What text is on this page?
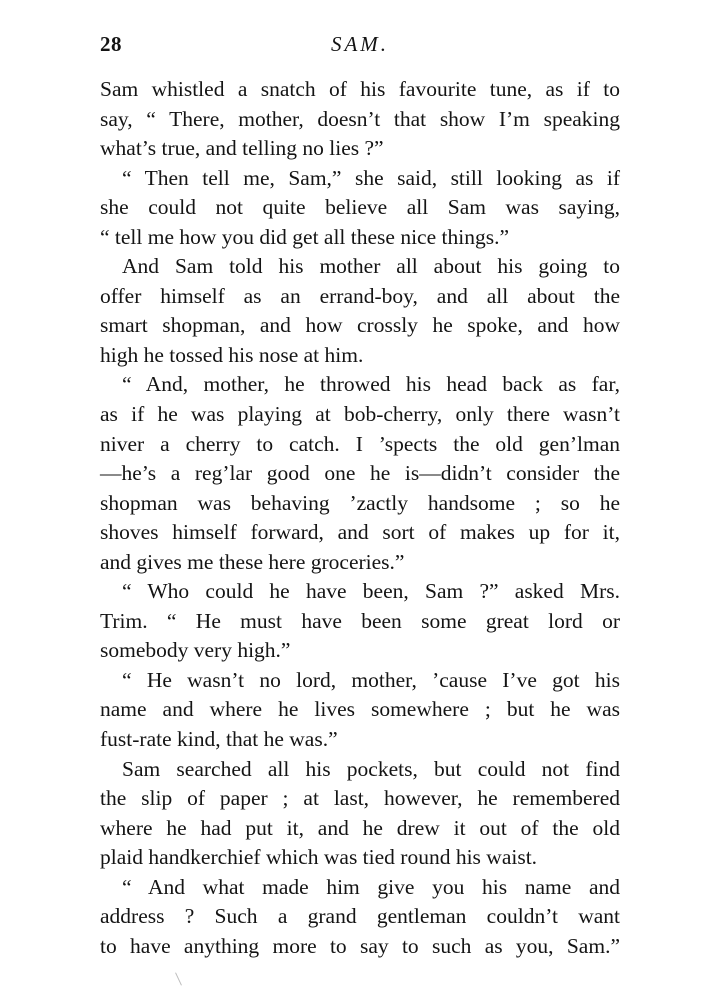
28	SAM.
Sam whistled a snatch of his favourite tune, as if to
say, “ There, mother, doesn’t that show I’m speaking
what’s true, and telling no lies ?”
“ Then tell me, Sam,” she said, still looking as if
she could not quite believe all Sam was saying,
“ tell me how you did get all these nice things.”
And Sam told his mother all about his going to
offer himself as an errand-boy, and all about the
smart shopman, and how crossly he spoke, and how
high he tossed his nose at him.
“ And, mother, he throwed his head back as far,
as if he was playing at bob-cherry, only there wasn’t
niver a cherry to catch. I ’spects the old gen’lman
—he’s a reg’lar good one he is—didn’t consider the
shopman was behaving ’zactly handsome ; so he
shoves himself forward, and sort of makes up for it,
and gives me these here groceries.”
“ Who could he have been, Sam ?” asked Mrs.
Trim. “ He must have been some great lord or
somebody very high.”
“ He wasn’t no lord, mother, ’cause I’ve got his
name and where he lives somewhere ; but he was
fust-rate kind, that he was.”
Sam searched all his pockets, but could not find
the slip of paper ; at last, however, he remembered
where he had put it, and he drew it out of the old
plaid handkerchief which was tied round his waist.
“ And what made him give you his name and
address ? Such a grand gentleman couldn’t want
to have anything more to say to such as you, Sam.”
